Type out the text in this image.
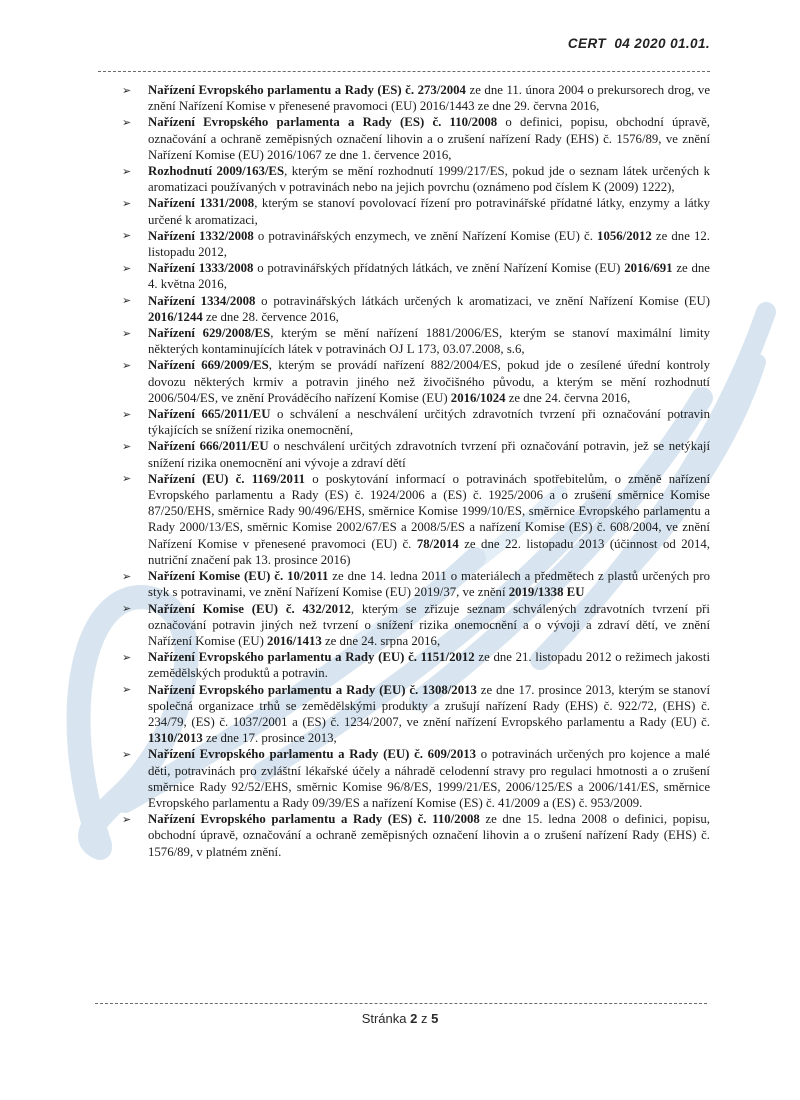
CERT  04 2020 01.01.
➢ Nařízení Evropského parlamentu a Rady (ES) č. 273/2004 ze dne 11. února 2004 o prekursorech drog, ve znění Nařízení Komise v přenesené pravomoci (EU) 2016/1443 ze dne 29. června 2016,
➢ Nařízení Evropského parlamenta a Rady (ES) č. 110/2008 o definici, popisu, obchodní úpravě, označování a ochraně zeměpisných označení lihovin a o zrušení nařízení Rady (EHS) č. 1576/89, ve znění Nařízení Komise (EU) 2016/1067 ze dne 1. července 2016,
➢ Rozhodnutí 2009/163/ES, kterým se mění rozhodnutí 1999/217/ES, pokud jde o seznam látek určených k aromatizaci používaných v potravinách nebo na jejich povrchu (oznámeno pod číslem K (2009) 1222),
➢ Nařízení 1331/2008, kterým se stanoví povolovací řízení pro potravinářské přídatné látky, enzymy a látky určené k aromatizaci,
➢ Nařízení 1332/2008 o potravinářských enzymech, ve znění Nařízení Komise (EU) č. 1056/2012 ze dne 12. listopadu 2012,
➢ Nařízení 1333/2008 o potravinářských přídatných látkách, ve znění Nařízení Komise (EU) 2016/691 ze dne 4. května 2016,
➢ Nařízení 1334/2008 o potravinářských látkách určených k aromatizaci, ve znění Nařízení Komise (EU) 2016/1244 ze dne 28. července 2016,
➢ Nařízení 629/2008/ES, kterým se mění nařízení 1881/2006/ES, kterým se stanoví maximální limity některých kontaminujících látek v potravinách OJ L 173, 03.07.2008, s.6,
➢ Nařízení 669/2009/ES, kterým se provádí nařízení 882/2004/ES, pokud jde o zesílené úřední kontroly dovozu některých krmiv a potravin jiného než živočišného původu, a kterým se mění rozhodnutí 2006/504/ES, ve znění Prováděcího nařízení Komise (EU) 2016/1024 ze dne 24. června 2016,
➢ Nařízení 665/2011/EU o schválení a neschválení určitých zdravotních tvrzení při označování potravin týkajících se snížení rizika onemocnění,
➢ Nařízení 666/2011/EU o neschválení určitých zdravotních tvrzení při označování potravin, jež se netýkají snížení rizika onemocnění ani vývoje a zdraví dětí
➢ Nařízení (EU) č. 1169/2011 o poskytování informací o potravinách spotřebitelům, o změně nařízení Evropského parlamentu a Rady (ES) č. 1924/2006 a (ES) č. 1925/2006 a o zrušení směrnice Komise 87/250/EHS, směrnice Rady 90/496/EHS, směrnice Komise 1999/10/ES, směrnice Evropského parlamentu a Rady 2000/13/ES, směrnic Komise 2002/67/ES a 2008/5/ES a nařízení Komise (ES) č. 608/2004, ve znění Nařízení Komise v přenesené pravomoci (EU) č. 78/2014 ze dne 22. listopadu 2013 (účinnost od 2014, nutriční značení pak 13. prosince 2016)
➢ Nařízení Komise (EU) č. 10/2011 ze dne 14. ledna 2011 o materiálech a předmětech z plastů určených pro styk s potravinami, ve znění Nařízení Komise (EU) 2019/37, ve znění 2019/1338 EU
➢ Nařízení Komise (EU) č. 432/2012, kterým se zřizuje seznam schválených zdravotních tvrzení při označování potravin jiných než tvrzení o snížení rizika onemocnění a o vývoji a zdraví dětí, ve znění Nařízení Komise (EU) 2016/1413 ze dne 24. srpna 2016,
➢ Nařízení Evropského parlamentu a Rady (EU) č. 1151/2012 ze dne 21. listopadu 2012 o režimech jakosti zemědělských produktů a potravin.
➢ Nařízení Evropského parlamentu a Rady (EU) č. 1308/2013 ze dne 17. prosince 2013, kterým se stanoví společná organizace trhů se zemědělskými produkty a zrušují nařízení Rady (EHS) č. 922/72, (EHS) č. 234/79, (ES) č. 1037/2001 a (ES) č. 1234/2007, ve znění nařízení Evropského parlamentu a Rady (EU) č. 1310/2013 ze dne 17. prosince 2013,
➢ Nařízení Evropského parlamentu a Rady (EU) č. 609/2013 o potravinách určených pro kojence a malé děti, potravinách pro zvláštní lékařské účely a náhradě celodenní stravy pro regulaci hmotnosti a o zrušení směrnice Rady 92/52/EHS, směrnic Komise 96/8/ES, 1999/21/ES, 2006/125/ES a 2006/141/ES, směrnice Evropského parlamentu a Rady 09/39/ES a nařízení Komise (ES) č. 41/2009 a (ES) č. 953/2009.
➢ Nařízení Evropského parlamentu a Rady (ES) č. 110/2008 ze dne 15. ledna 2008 o definici, popisu, obchodní úpravě, označování a ochraně zeměpisných označení lihovin a o zrušení nařízení Rady (EHS) č. 1576/89, v platném znění.
Stránka 2 z 5
